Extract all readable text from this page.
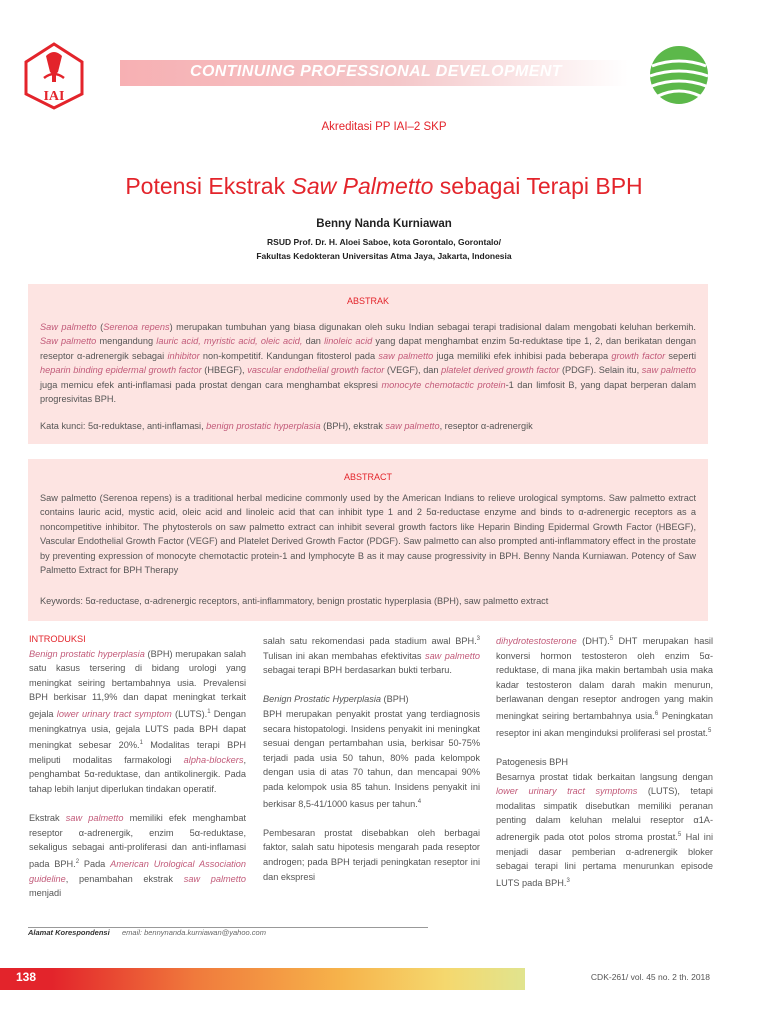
IAI
CONTINUING PROFESSIONAL DEVELOPMENT
Akreditasi PP IAI–2 SKP
Potensi Ekstrak Saw Palmetto sebagai Terapi BPH
Benny Nanda Kurniawan
RSUD Prof. Dr. H. Aloei Saboe, kota Gorontalo, Gorontalo/
Fakultas Kedokteran Universitas Atma Jaya, Jakarta, Indonesia
ABSTRAK
Saw palmetto (Serenoa repens) merupakan tumbuhan yang biasa digunakan oleh suku Indian sebagai terapi tradisional dalam mengobati keluhan berkemih. Saw palmetto mengandung lauric acid, myristic acid, oleic acid, dan linoleic acid yang dapat menghambat enzim 5α-reduktase tipe 1, 2, dan berikatan dengan reseptor α-adrenergik sebagai inhibitor non-kompetitif. Kandungan fitosterol pada saw palmetto juga memiliki efek inhibisi pada beberapa growth factor seperti heparin binding epidermal growth factor (HBEGF), vascular endothelial growth factor (VEGF), dan platelet derived growth factor (PDGF). Selain itu, saw palmetto juga memicu efek anti-inflamasi pada prostat dengan cara menghambat ekspresi monocyte chemotactic protein-1 dan limfosit B, yang dapat berperan dalam progresivitas BPH.
Kata kunci: 5α-reduktase, anti-inflamasi, benign prostatic hyperplasia (BPH), ekstrak saw palmetto, reseptor α-adrenergik
ABSTRACT
Saw palmetto (Serenoa repens) is a traditional herbal medicine commonly used by the American Indians to relieve urological symptoms. Saw palmetto extract contains lauric acid, mystic acid, oleic acid and linoleic acid that can inhibit type 1 and 2 5α-reductase enzyme and binds to α-adrenergic receptors as a noncompetitive inhibitor. The phytosterols on saw palmetto extract can inhibit several growth factors like Heparin Binding Epidermal Growth Factor (HBEGF), Vascular Endothelial Growth Factor (VEGF) and Platelet Derived Growth Factor (PDGF). Saw palmetto can also prompted anti-inflammatory effect in the prostate by preventing expression of monocyte chemotactic protein-1 and lymphocyte B as it may cause progressivity in BPH. Benny Nanda Kurniawan. Potency of Saw Palmetto Extract for BPH Therapy
Keywords: 5α-reductase, α-adrenergic receptors, anti-inflammatory, benign prostatic hyperplasia (BPH), saw palmetto extract
INTRODUKSI

Benign prostatic hyperplasia (BPH) merupakan salah satu kasus tersering di bidang urologi yang meningkat seiring bertambahnya usia. Prevalensi BPH berkisar 11,9% dan dapat meningkat terkait gejala lower urinary tract symptom (LUTS).$^1$ Dengan meningkatnya usia, gejala LUTS pada BPH dapat meningkat sebesar 20%.$^1$ Modalitas terapi BPH meliputi modalitas farmakologi alpha-blockers, penghambat 5α-reduktase, dan antikolinergik. Pada tahap lebih lanjut diperlukan tindakan operatif.

Ekstrak saw palmetto memiliki efek menghambat reseptor α-adrenergik, enzim 5α-reduktase, sekaligus sebagai anti-proliferasi dan anti-inflamasi pada BPH.$^2$ Pada American Urological Association guideline, penambahan ekstrak saw palmetto menjadi

salah satu rekomendasi pada stadium awal BPH.$^3$ Tulisan ini akan membahas efektivitas saw palmetto sebagai terapi BPH berdasarkan bukti terbaru.

Benign Prostatic Hyperplasia (BPH)

BPH merupakan penyakit prostat yang terdiagnosis secara histopatologi. Insidens penyakit ini meningkat sesuai dengan pertambahan usia, berkisar 50-75% terjadi pada usia 50 tahun, 80% pada kelompok dengan usia di atas 70 tahun, dan mencapai 90% pada kelompok usia 85 tahun. Insidens penyakit ini berkisar 8,5-41/1000 kasus per tahun.$^4$

Pembesaran prostat disebabkan oleh berbagai faktor, salah satu hipotesis mengarah pada reseptor androgen; pada BPH terjadi peningkatan reseptor ini dan ekspresi

dihydrotestosterone (DHT).$^5$ DHT merupakan hasil konversi hormon testosteron oleh enzim 5α-reduktase, di mana jika makin bertambah usia maka kadar testosteron dalam darah makin menurun, berlawanan dengan reseptor androgen yang makin meningkat seiring bertambahnya usia.$^6$ Peningkatan reseptor ini akan menginduksi proliferasi sel prostat.$^5$

Patogenesis BPH

Besarnya prostat tidak berkaitan langsung dengan lower urinary tract symptoms (LUTS), tetapi modalitas simpatik disebutkan memiliki peranan penting dalam keluhan melalui reseptor α1A-adrenergik pada otot polos stroma prostat.$^5$ Hal ini menjadi dasar pemberian α-adrenergik bloker sebagai terapi lini pertama menurunkan episode LUTS pada BPH.$^3$

Alamat Korespondensi email: bennynanda.kurniawan@yahoo.com
138	CDK-261/ vol. 45 no. 2 th. 2018
